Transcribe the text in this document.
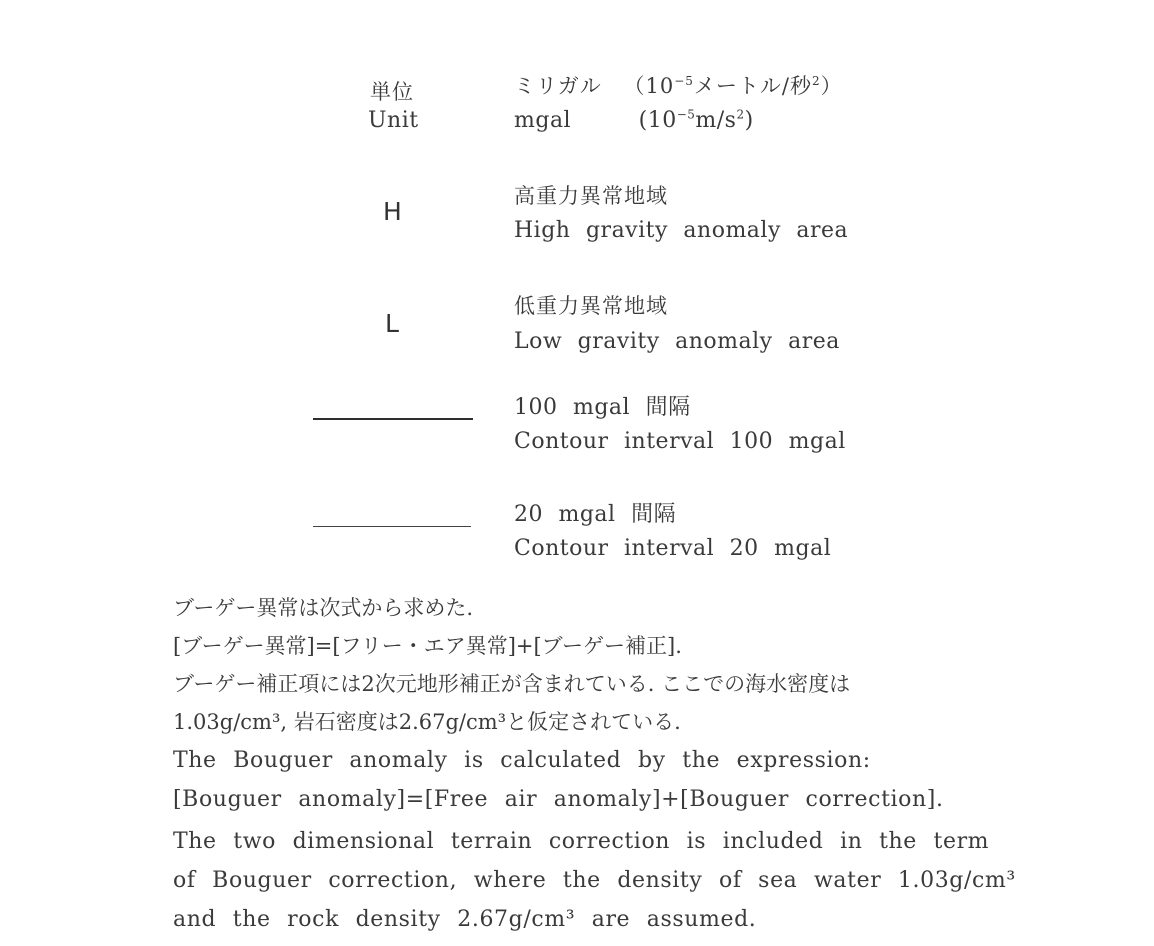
単位
Unit
ミリガル （$10^{-5}$メートル/秒$^2$）
mgal	$(10^{-5}m/s^2)$
H
高重力異常地域
High gravity anomaly area
L
低重力異常地域
Low gravity anomaly area
100 mgal 間隔
Contour interval 100 mgal
20 mgal 間隔
Contour interval 20 mgal
ブーゲー異常は次式から求めた.
[ブーゲー異常]=[フリー・エア異常]+[ブーゲー補正].
ブーゲー補正項には2次元地形補正が含まれている. ここでの海水密度は
1.03g/cm³, 岩石密度は2.67g/cm³と仮定されている.
The Bouguer anomaly is calculated by the expression:
[Bouguer anomaly]=[Free air anomaly]+[Bouguer correction].
The two dimensional terrain correction is included in the term
of Bouguer correction, where the density of sea water 1.03g/cm³
and the rock density 2.67g/cm³ are assumed.
